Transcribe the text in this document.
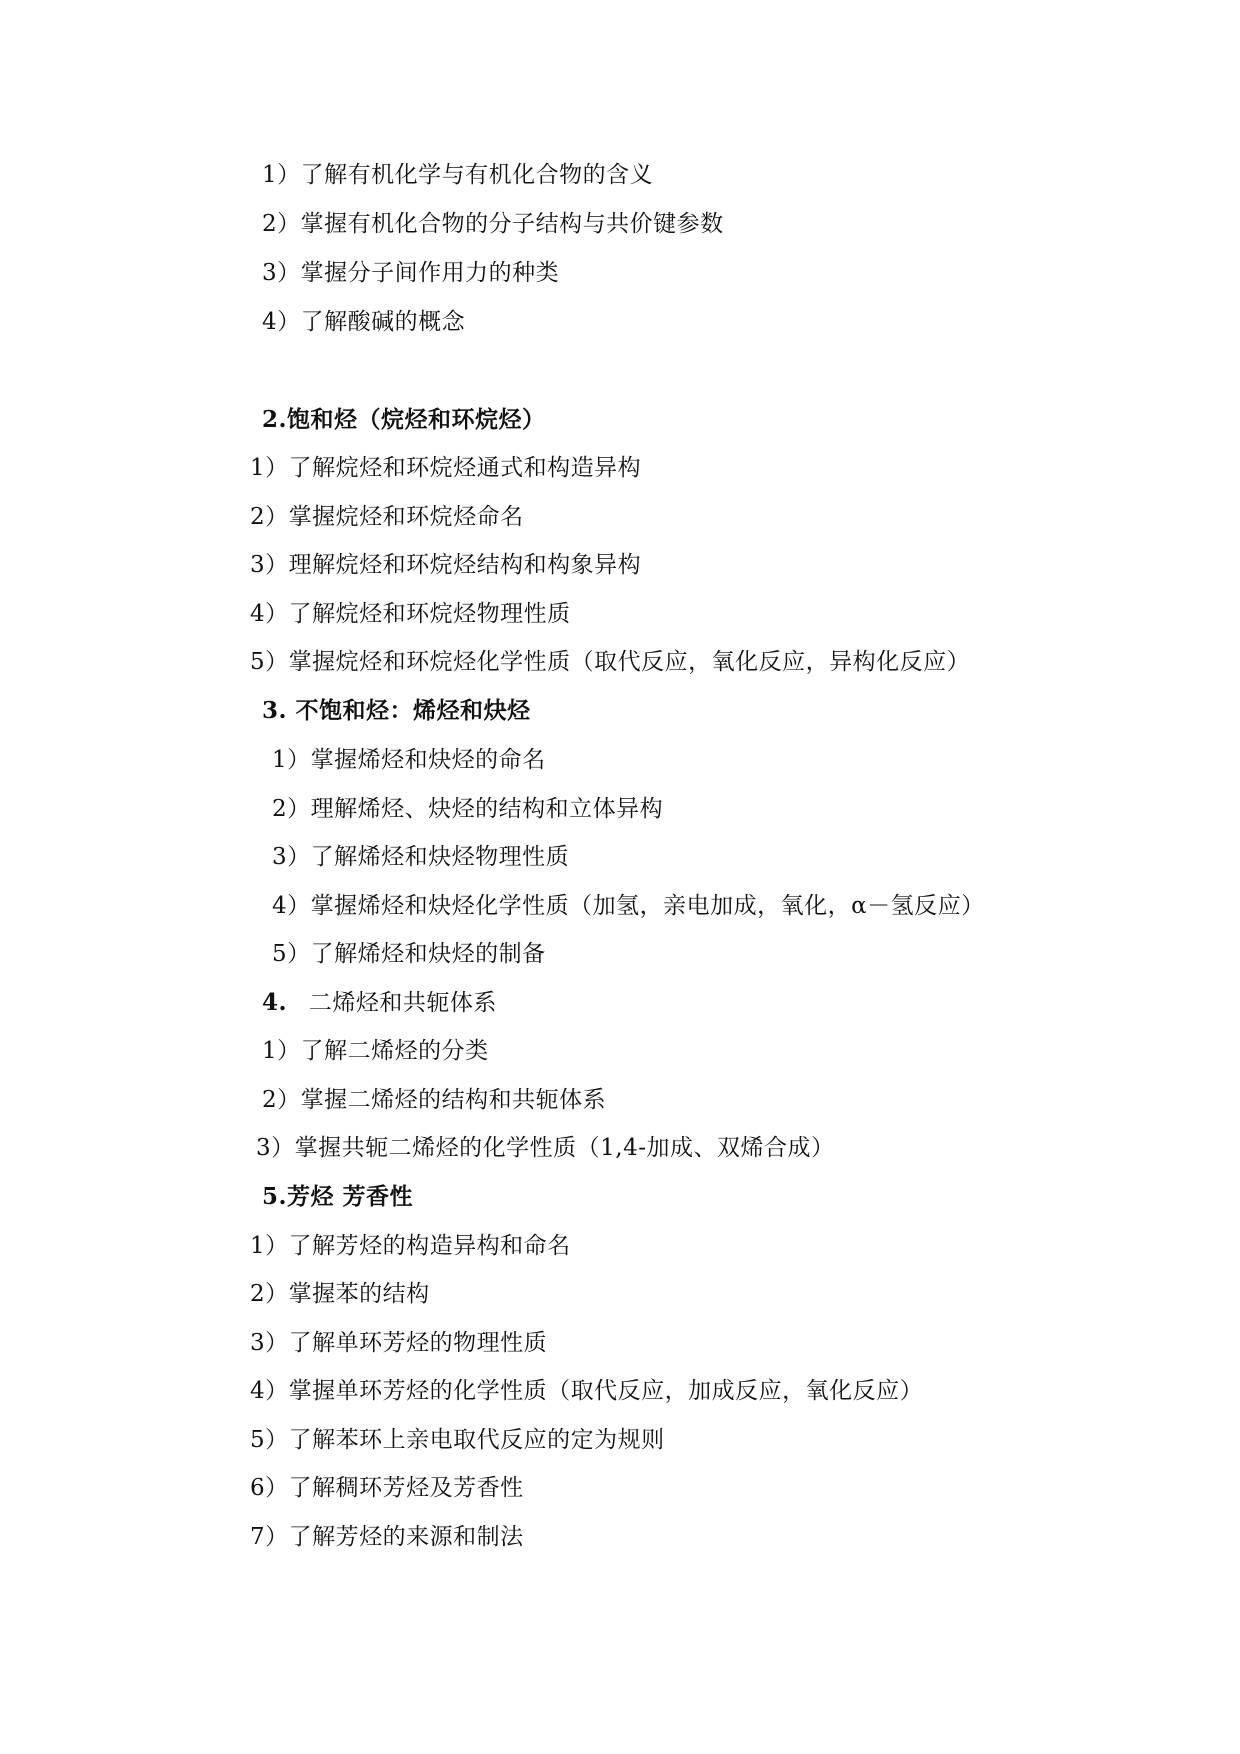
1）了解有机化学与有机化合物的含义
2）掌握有机化合物的分子结构与共价键参数
3）掌握分子间作用力的种类
4）了解酸碱的概念
2.饱和烃（烷烃和环烷烃）
1）了解烷烃和环烷烃通式和构造异构
2）掌握烷烃和环烷烃命名
3）理解烷烃和环烷烃结构和构象异构
4）了解烷烃和环烷烃物理性质
5）掌握烷烃和环烷烃化学性质（取代反应，氧化反应，异构化反应）
3. 不饱和烃：烯烃和炔烃
1）掌握烯烃和炔烃的命名
2）理解烯烃、炔烃的结构和立体异构
3）了解烯烃和炔烃物理性质
4）掌握烯烃和炔烃化学性质（加氢，亲电加成，氧化，α－氢反应）
5）了解烯烃和炔烃的制备
4. 二烯烃和共轭体系
1）了解二烯烃的分类
2）掌握二烯烃的结构和共轭体系
3）掌握共轭二烯烃的化学性质（1,4-加成、双烯合成）
5.芳烃 芳香性
1）了解芳烃的构造异构和命名
2）掌握苯的结构
3）了解单环芳烃的物理性质
4）掌握单环芳烃的化学性质（取代反应，加成反应，氧化反应）
5）了解苯环上亲电取代反应的定为规则
6）了解稠环芳烃及芳香性
7）了解芳烃的来源和制法
